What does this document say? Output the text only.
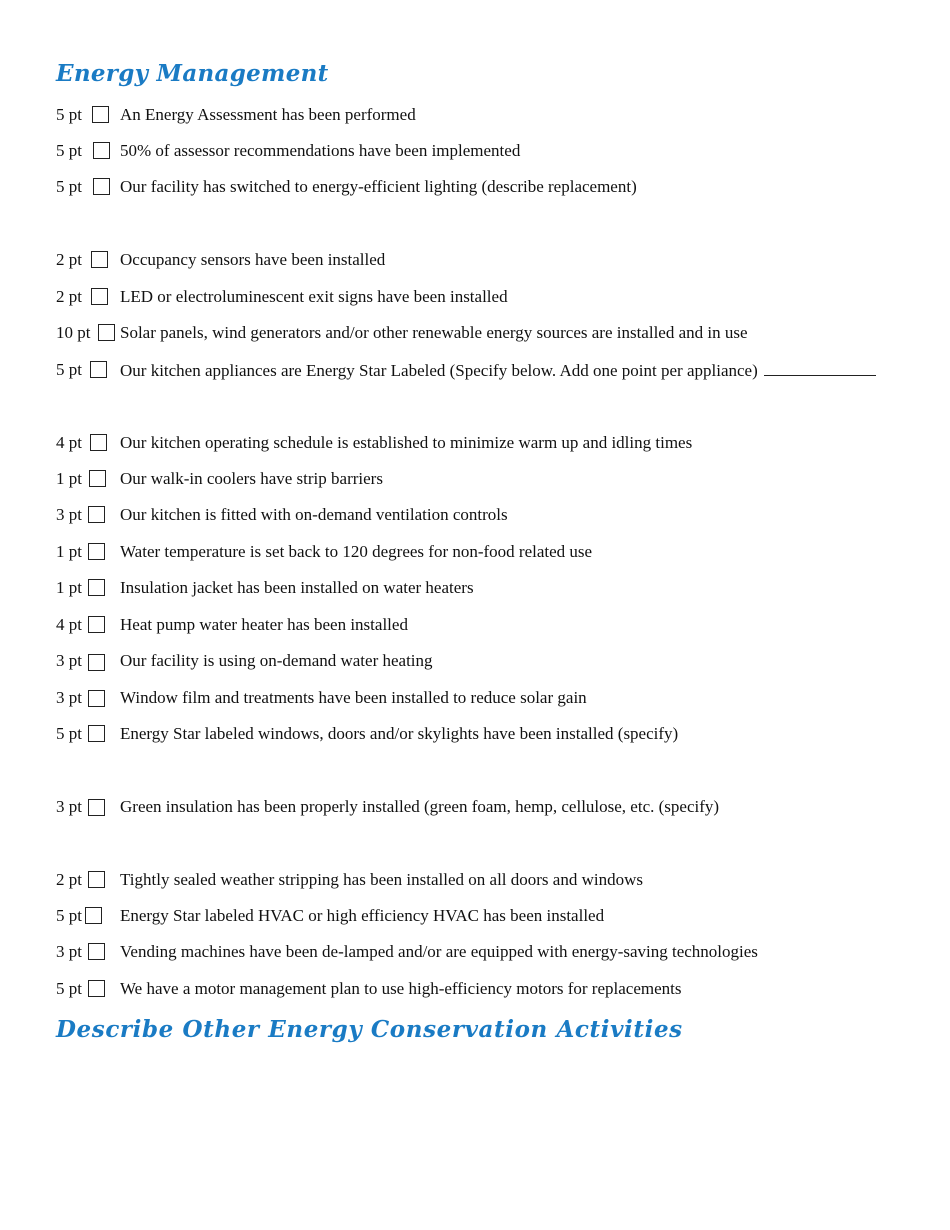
Energy Management
5 pt An Energy Assessment has been performed
5 pt 50% of assessor recommendations have been implemented
5 pt Our facility has switched to energy-efficient lighting (describe replacement)
2 pt Occupancy sensors have been installed
2 pt LED or electroluminescent exit signs have been installed
10 pt Solar panels, wind generators and/or other renewable energy sources are installed and in use
5 pt Our kitchen appliances are Energy Star Labeled (Specify below. Add one point per appliance)
4 pt Our kitchen operating schedule is established to minimize warm up and idling times
1 pt Our walk-in coolers have strip barriers
3 pt Our kitchen is fitted with on-demand ventilation controls
1 pt Water temperature is set back to 120 degrees for non-food related use
1 pt Insulation jacket has been installed on water heaters
4 pt Heat pump water heater has been installed
3 pt Our facility is using on-demand water heating
3 pt Window film and treatments have been installed to reduce solar gain
5 pt Energy Star labeled windows, doors and/or skylights have been installed (specify)
3 pt Green insulation has been properly installed (green foam, hemp, cellulose, etc. (specify)
2 pt Tightly sealed weather stripping has been installed on all doors and windows
5 pt Energy Star labeled HVAC or high efficiency HVAC has been installed
3 pt Vending machines have been de-lamped and/or are equipped with energy-saving technologies
5 pt We have a motor management plan to use high-efficiency motors for replacements
Describe Other Energy Conservation Activities
